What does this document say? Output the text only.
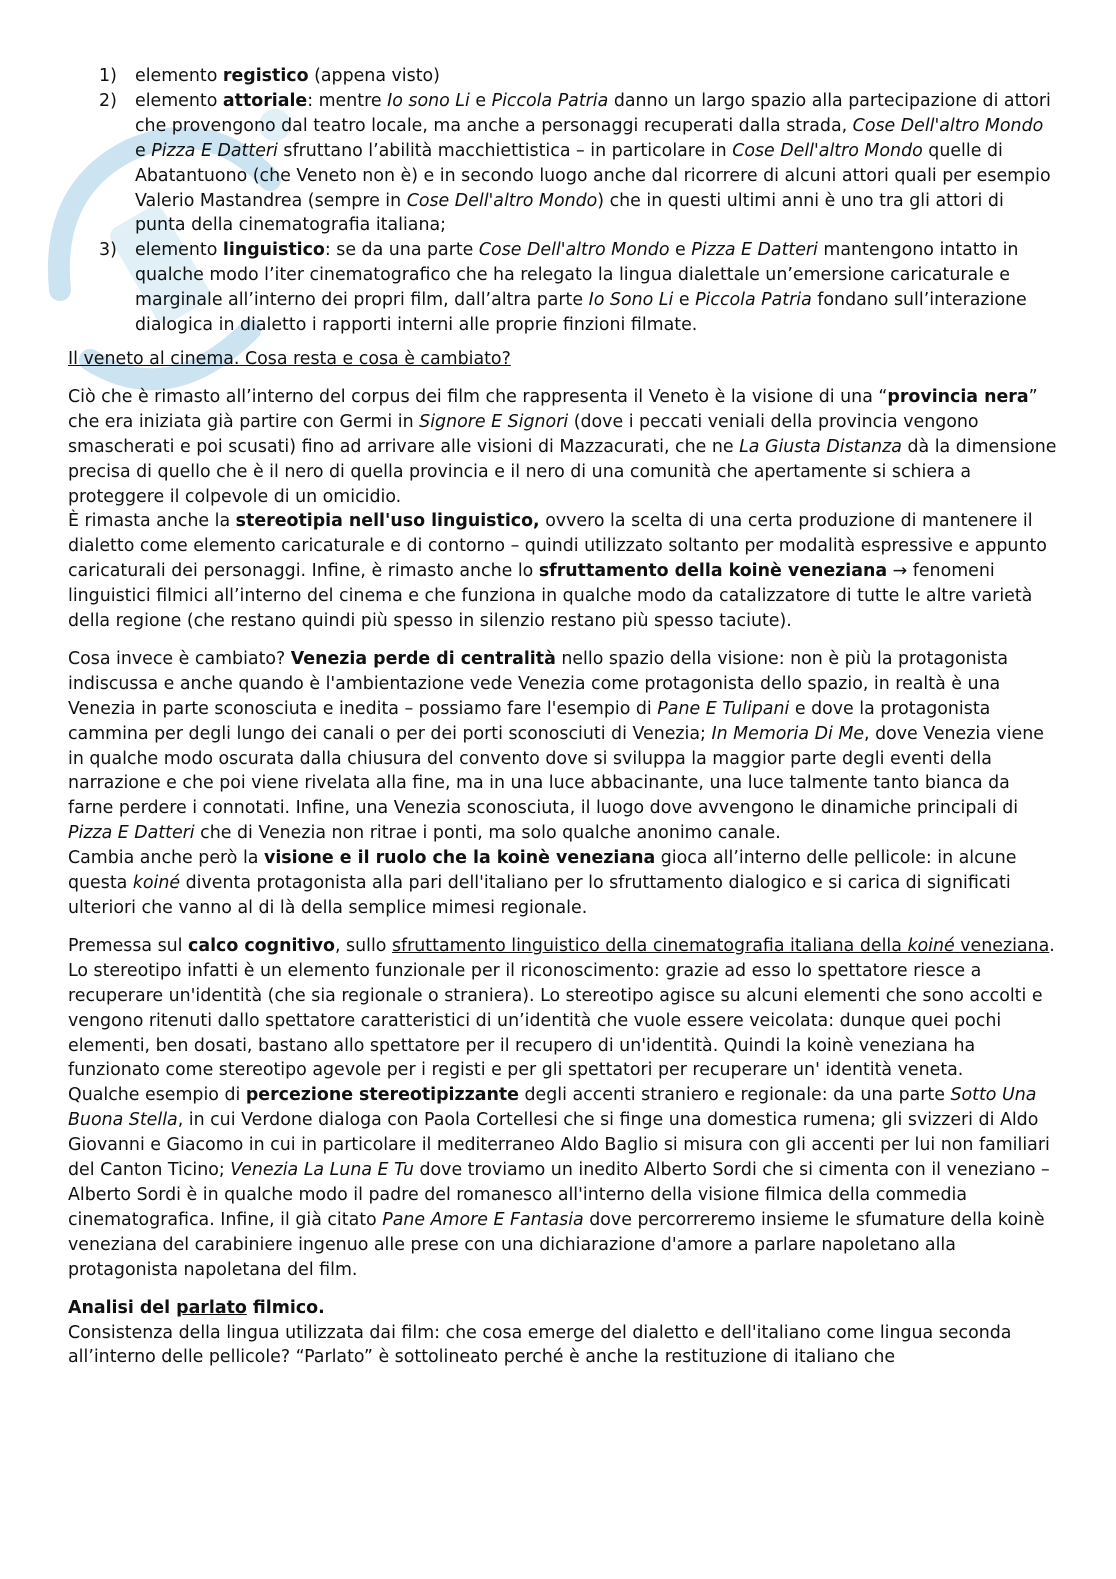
1) elemento registico (appena visto)
2) elemento attoriale: mentre Io sono Li e Piccola Patria danno un largo spazio alla partecipazione di attori che provengono dal teatro locale, ma anche a personaggi recuperati dalla strada, Cose Dell'altro Mondo e Pizza E Datteri sfruttano l’abilità macchiettistica – in particolare in Cose Dell'altro Mondo quelle di Abatantuono (che Veneto non è) e in secondo luogo anche dal ricorrere di alcuni attori quali per esempio Valerio Mastandrea (sempre in Cose Dell'altro Mondo) che in questi ultimi anni è uno tra gli attori di punta della cinematografia italiana;
3) elemento linguistico: se da una parte Cose Dell'altro Mondo e Pizza E Datteri mantengono intatto in qualche modo l’iter cinematografico che ha relegato la lingua dialettale un’emersione caricaturale e marginale all’interno dei propri film, dall’altra parte Io Sono Li e Piccola Patria fondano sull’interazione dialogica in dialetto i rapporti interni alle proprie finzioni filmate.

Il veneto al cinema. Cosa resta e cosa è cambiato?

Ciò che è rimasto all’interno del corpus dei film che rappresenta il Veneto è la visione di una “provincia nera” che era iniziata già partire con Germi in Signore E Signori (dove i peccati veniali della provincia vengono smascherati e poi scusati) fino ad arrivare alle visioni di Mazzacurati, che ne La Giusta Distanza dà la dimensione precisa di quello che è il nero di quella provincia e il nero di una comunità che apertamente si schiera a proteggere il colpevole di un omicidio.

È rimasta anche la stereotipia nell'uso linguistico, ovvero la scelta di una certa produzione di mantenere il dialetto come elemento caricaturale e di contorno – quindi utilizzato soltanto per modalità espressive e appunto caricaturali dei personaggi. Infine, è rimasto anche lo sfruttamento della koinè veneziana → fenomeni linguistici filmici all’interno del cinema e che funziona in qualche modo da catalizzatore di tutte le altre varietà della regione (che restano quindi più spesso in silenzio restano più spesso taciute).

Cosa invece è cambiato? Venezia perde di centralità nello spazio della visione: non è più la protagonista indiscussa e anche quando è l'ambientazione vede Venezia come protagonista dello spazio, in realtà è una Venezia in parte sconosciuta e inedita – possiamo fare l'esempio di Pane E Tulipani e dove la protagonista cammina per degli lungo dei canali o per dei porti sconosciuti di Venezia; In Memoria Di Me, dove Venezia viene in qualche modo oscurata dalla chiusura del convento dove si sviluppa la maggior parte degli eventi della narrazione e che poi viene rivelata alla fine, ma in una luce abbacinante, una luce talmente tanto bianca da farne perdere i connotati. Infine, una Venezia sconosciuta, il luogo dove avvengono le dinamiche principali di Pizza E Datteri che di Venezia non ritrae i ponti, ma solo qualche anonimo canale.

Cambia anche però la visione e il ruolo che la koinè veneziana gioca all’interno delle pellicole: in alcune questa koiné diventa protagonista alla pari dell'italiano per lo sfruttamento dialogico e si carica di significati ulteriori che vanno al di là della semplice mimesi regionale.

Premessa sul calco cognitivo, sullo sfruttamento linguistico della cinematografia italiana della koiné veneziana.

Lo stereotipo infatti è un elemento funzionale per il riconoscimento: grazie ad esso lo spettatore riesce a recuperare un'identità (che sia regionale o straniera). Lo stereotipo agisce su alcuni elementi che sono accolti e vengono ritenuti dallo spettatore caratteristici di un’identità che vuole essere veicolata: dunque quei pochi elementi, ben dosati, bastano allo spettatore per il recupero di un'identità. Quindi la koinè veneziana ha funzionato come stereotipo agevole per i registi e per gli spettatori per recuperare un' identità veneta.

Qualche esempio di percezione stereotipizzante degli accenti straniero e regionale: da una parte Sotto Una Buona Stella, in cui Verdone dialoga con Paola Cortellesi che si finge una domestica rumena; gli svizzeri di Aldo Giovanni e Giacomo in cui in particolare il mediterraneo Aldo Baglio si misura con gli accenti per lui non familiari del Canton Ticino; Venezia La Luna E Tu dove troviamo un inedito Alberto Sordi che si cimenta con il veneziano – Alberto Sordi è in qualche modo il padre del romanesco all'interno della visione filmica della commedia cinematografica. Infine, il già citato Pane Amore E Fantasia dove percorreremo insieme le sfumature della koinè veneziana del carabiniere ingenuo alle prese con una dichiarazione d'amore a parlare napoletano alla protagonista napoletana del film.

Analisi del parlato filmico.

Consistenza della lingua utilizzata dai film: che cosa emerge del dialetto e dell'italiano come lingua seconda all’interno delle pellicole? “Parlato” è sottolineato perché è anche la restituzione di italiano che
